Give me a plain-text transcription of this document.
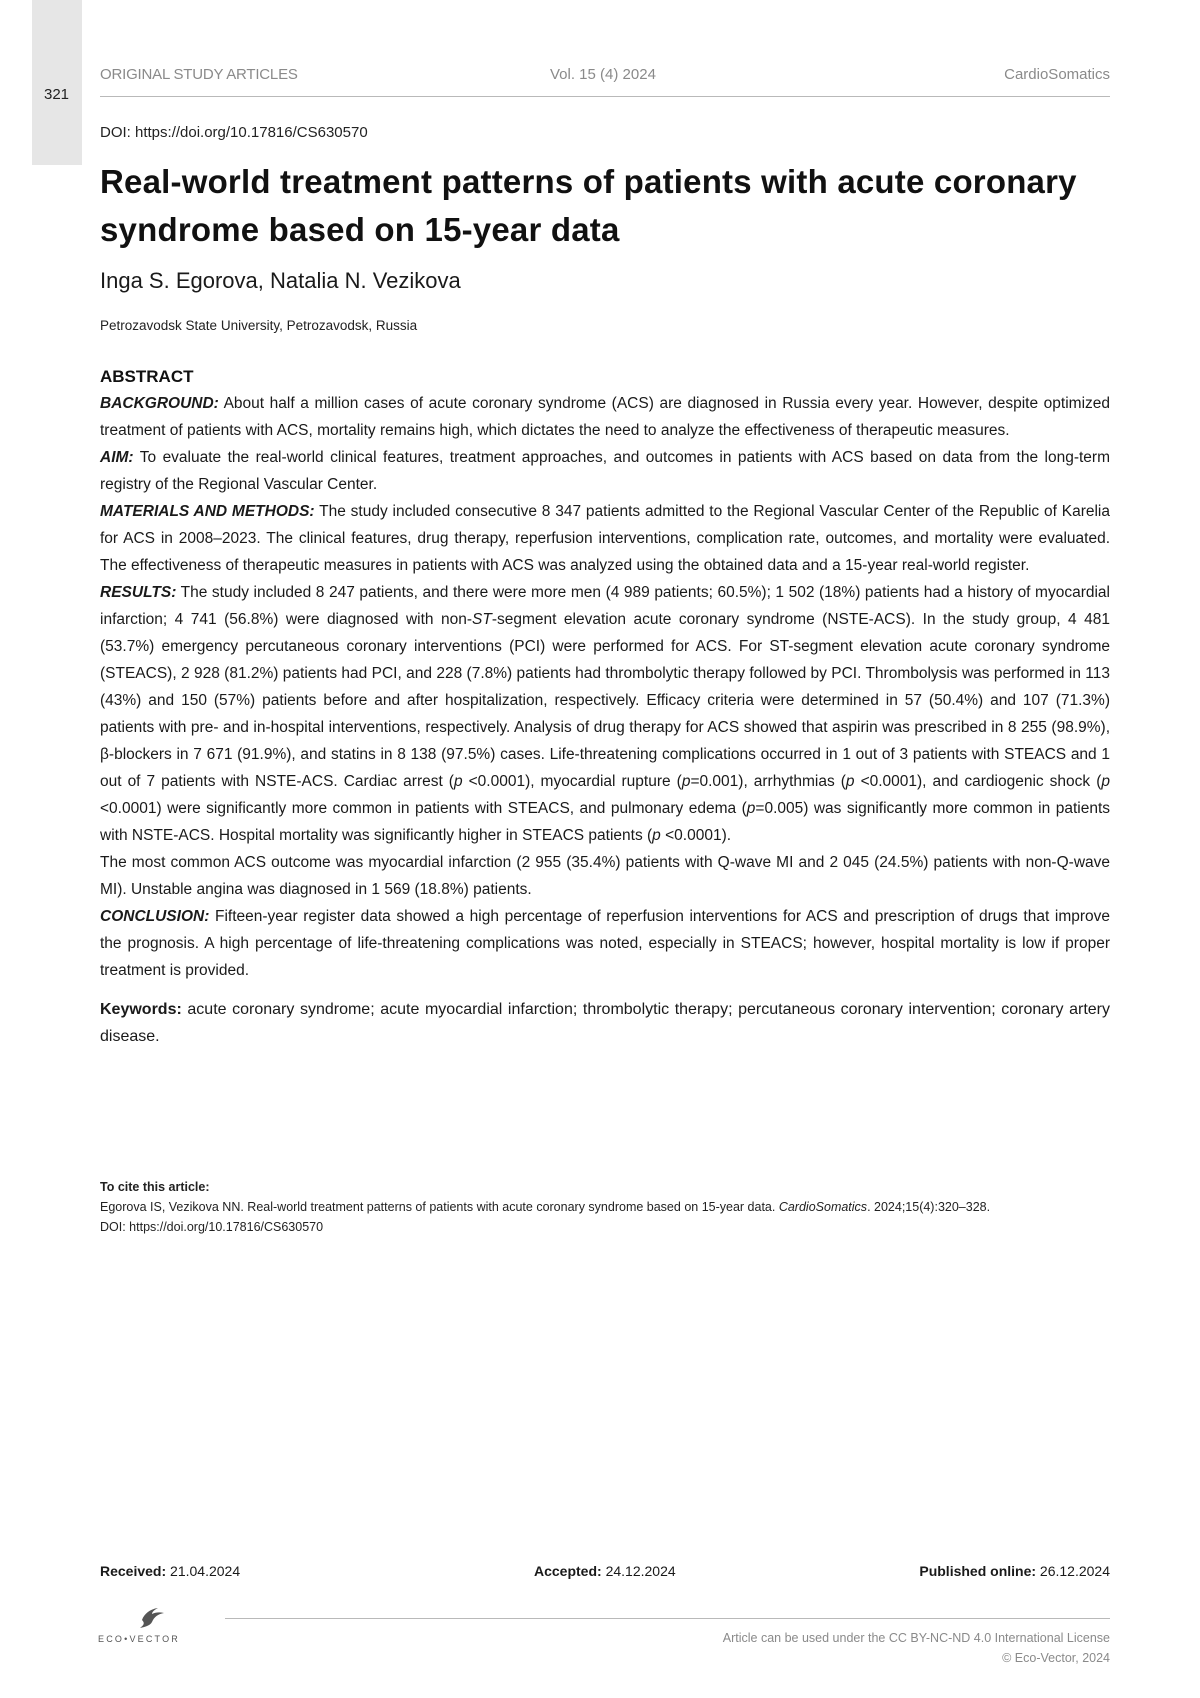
321
ORIGINAL STUDY ARTICLES	Vol. 15 (4) 2024	CardioSomatics
DOI: https://doi.org/10.17816/CS630570
Real-world treatment patterns of patients with acute coronary syndrome based on 15-year data
Inga S. Egorova, Natalia N. Vezikova
Petrozavodsk State University, Petrozavodsk, Russia
ABSTRACT

BACKGROUND: About half a million cases of acute coronary syndrome (ACS) are diagnosed in Russia every year. However, despite optimized treatment of patients with ACS, mortality remains high, which dictates the need to analyze the effectiveness of therapeutic measures.

AIM: To evaluate the real-world clinical features, treatment approaches, and outcomes in patients with ACS based on data from the long-term registry of the Regional Vascular Center.

MATERIALS AND METHODS: The study included consecutive 8 347 patients admitted to the Regional Vascular Center of the Republic of Karelia for ACS in 2008–2023. The clinical features, drug therapy, reperfusion interventions, complication rate, outcomes, and mortality were evaluated. The effectiveness of therapeutic measures in patients with ACS was analyzed using the obtained data and a 15-year real-world register.

RESULTS: The study included 8 247 patients, and there were more men (4 989 patients; 60.5%); 1 502 (18%) patients had a history of myocardial infarction; 4 741 (56.8%) were diagnosed with non-ST-segment elevation acute coronary syndrome (NSTE-ACS). In the study group, 4 481 (53.7%) emergency percutaneous coronary interventions (PCI) were performed for ACS. For ST-segment elevation acute coronary syndrome (STEACS), 2 928 (81.2%) patients had PCI, and 228 (7.8%) patients had thrombolytic therapy followed by PCI. Thrombolysis was performed in 113 (43%) and 150 (57%) patients before and after hospitalization, respectively. Efficacy criteria were determined in 57 (50.4%) and 107 (71.3%) patients with pre- and in-hospital interventions, respectively. Analysis of drug therapy for ACS showed that aspirin was prescribed in 8 255 (98.9%), β-blockers in 7 671 (91.9%), and statins in 8 138 (97.5%) cases. Life-threatening complications occurred in 1 out of 3 patients with STEACS and 1 out of 7 patients with NSTE-ACS. Cardiac arrest (p <0.0001), myocardial rupture (p=0.001), arrhythmias (p <0.0001), and cardiogenic shock (p <0.0001) were significantly more common in patients with STEACS, and pulmonary edema (p=0.005) was significantly more common in patients with NSTE-ACS. Hospital mortality was significantly higher in STEACS patients (p <0.0001).

The most common ACS outcome was myocardial infarction (2 955 (35.4%) patients with Q-wave MI and 2 045 (24.5%) patients with non-Q-wave MI). Unstable angina was diagnosed in 1 569 (18.8%) patients.

CONCLUSION: Fifteen-year register data showed a high percentage of reperfusion interventions for ACS and prescription of drugs that improve the prognosis. A high percentage of life-threatening complications was noted, especially in STEACS; however, hospital mortality is low if proper treatment is provided.

Keywords: acute coronary syndrome; acute myocardial infarction; thrombolytic therapy; percutaneous coronary intervention; coronary artery disease.

To cite this article:
Egorova IS, Vezikova NN. Real-world treatment patterns of patients with acute coronary syndrome based on 15-year data. CardioSomatics. 2024;15(4):320–328.
DOI: https://doi.org/10.17816/CS630570
Received: 21.04.2024	Accepted: 24.12.2024	Published online: 26.12.2024
ECO•VECTOR	Article can be used under the CC BY-NC-ND 4.0 International License
© Eco-Vector, 2024
